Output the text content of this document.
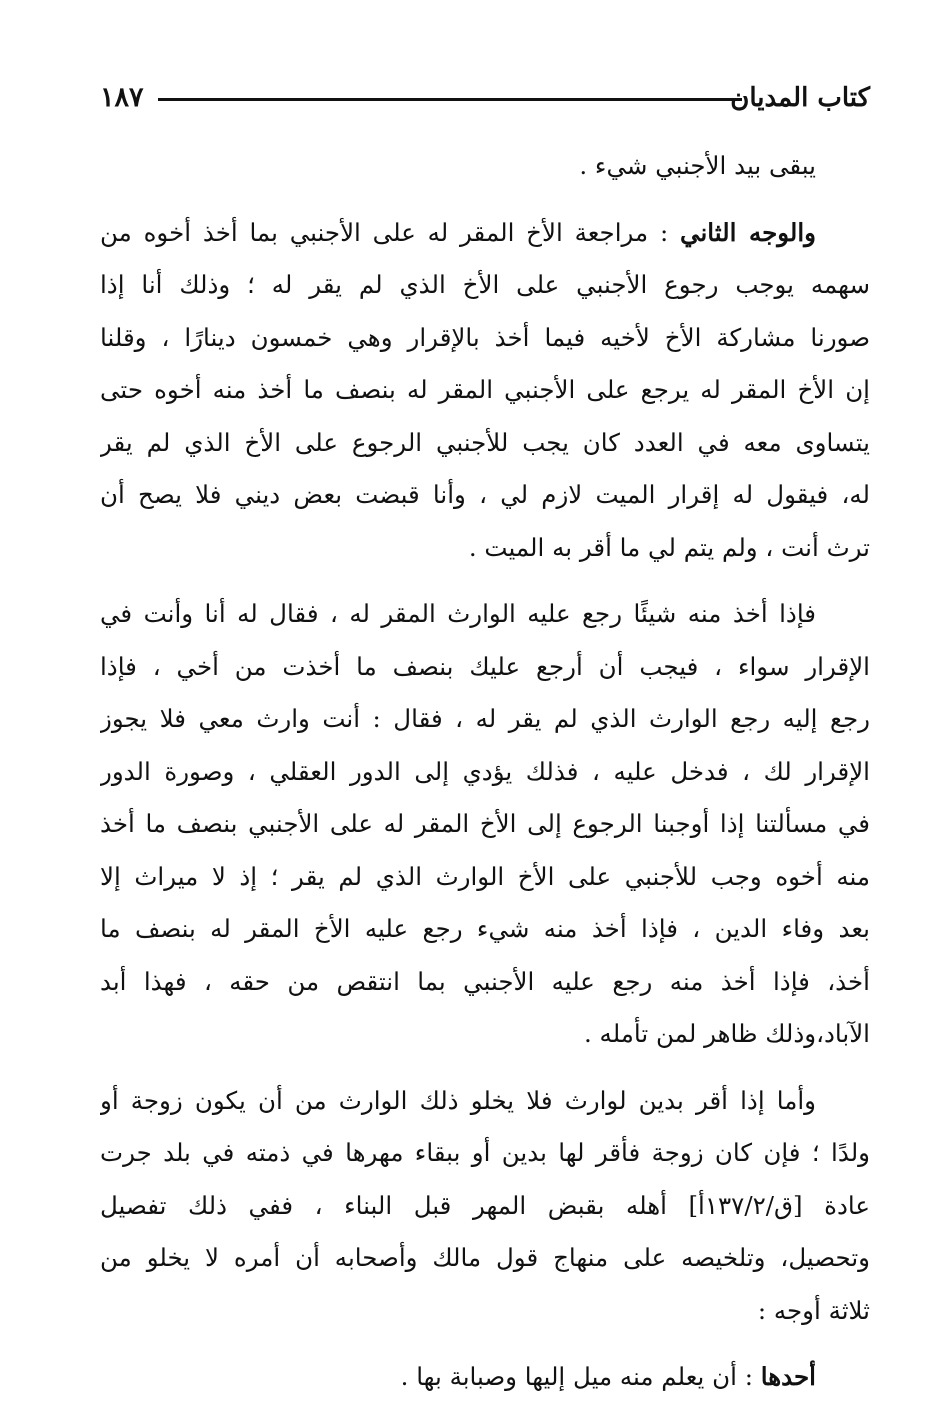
١٨٧	كتاب المديان
يبقى بيد الأجنبي شيء .
والوجه الثاني : مراجعة الأخ المقر له على الأجنبي بما أخذ أخوه من
سهمه يوجب رجوع الأجنبي على الأخ الذي لم يقر له ؛ وذلك أنا إذا
صورنا مشاركة الأخ لأخيه فيما أخذ بالإقرار وهي خمسون دينارًا ، وقلنا
إن الأخ المقر له يرجع على الأجنبي المقر له بنصف ما أخذ منه أخوه حتى
يتساوى معه في العدد كان يجب للأجنبي الرجوع على الأخ الذي لم يقر
له، فيقول له إقرار الميت لازم لي ، وأنا قبضت بعض ديني فلا يصح أن
ترث أنت ، ولم يتم لي ما أقر به الميت .
فإذا أخذ منه شيئًا رجع عليه الوارث المقر له ، فقال له أنا وأنت في
الإقرار سواء ، فيجب أن أرجع عليك بنصف ما أخذت من أخي ، فإذا
رجع إليه رجع الوارث الذي لم يقر له ، فقال : أنت وارث معي فلا يجوز
الإقرار لك ، فدخل عليه ، فذلك يؤدي إلى الدور العقلي ، وصورة الدور
في مسألتنا إذا أوجبنا الرجوع إلى الأخ المقر له على الأجنبي بنصف ما أخذ
منه أخوه وجب للأجنبي على الأخ الوارث الذي لم يقر ؛ إذ لا ميراث إلا
بعد وفاء الدين ، فإذا أخذ منه شيء رجع عليه الأخ المقر له بنصف ما
أخذ، فإذا أخذ منه رجع عليه الأجنبي بما انتقص من حقه ، فهذا أبد
الآباد،وذلك ظاهر لمن تأمله .
وأما إذا أقر بدين لوارث فلا يخلو ذلك الوارث من أن يكون زوجة أو
ولدًا ؛ فإن كان زوجة فأقر لها بدين أو ببقاء مهرها في ذمته في بلد جرت
عادة [ق/١٣٧/٢أ] أهله بقبض المهر قبل البناء ، ففي ذلك تفصيل
وتحصيل، وتلخيصه على منهاج قول مالك وأصحابه أن أمره لا يخلو من
ثلاثة أوجه :
أحدها : أن يعلم منه ميل إليها وصبابة بها .
